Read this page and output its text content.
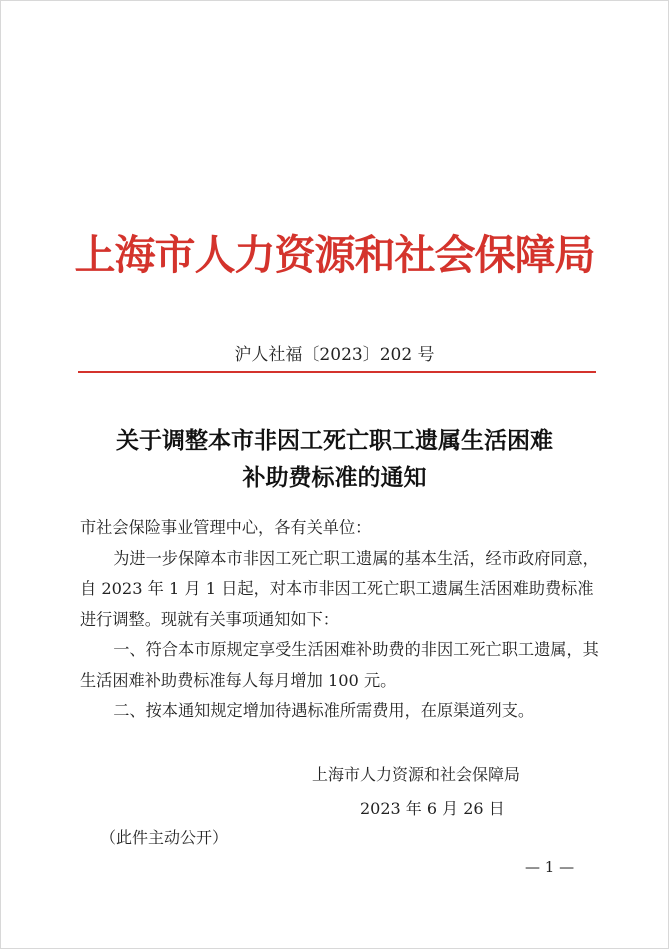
上海市人力资源和社会保障局
沪人社福〔2023〕202 号
关于调整本市非因工死亡职工遗属生活困难
补助费标准的通知

市社会保险事业管理中心，各有关单位：

为进一步保障本市非因工死亡职工遗属的基本生活，经市政府同意，自 2023 年 1 月 1 日起，对本市非因工死亡职工遗属生活困难助费标准进行调整。现就有关事项通知如下：

一、符合本市原规定享受生活困难补助费的非因工死亡职工遗属，其生活困难补助费标准每人每月增加 100 元。

二、按本通知规定增加待遇标准所需费用，在原渠道列支。

上海市人力资源和社会保障局
2023 年 6 月 26 日
（此件主动公开）
— 1 —
